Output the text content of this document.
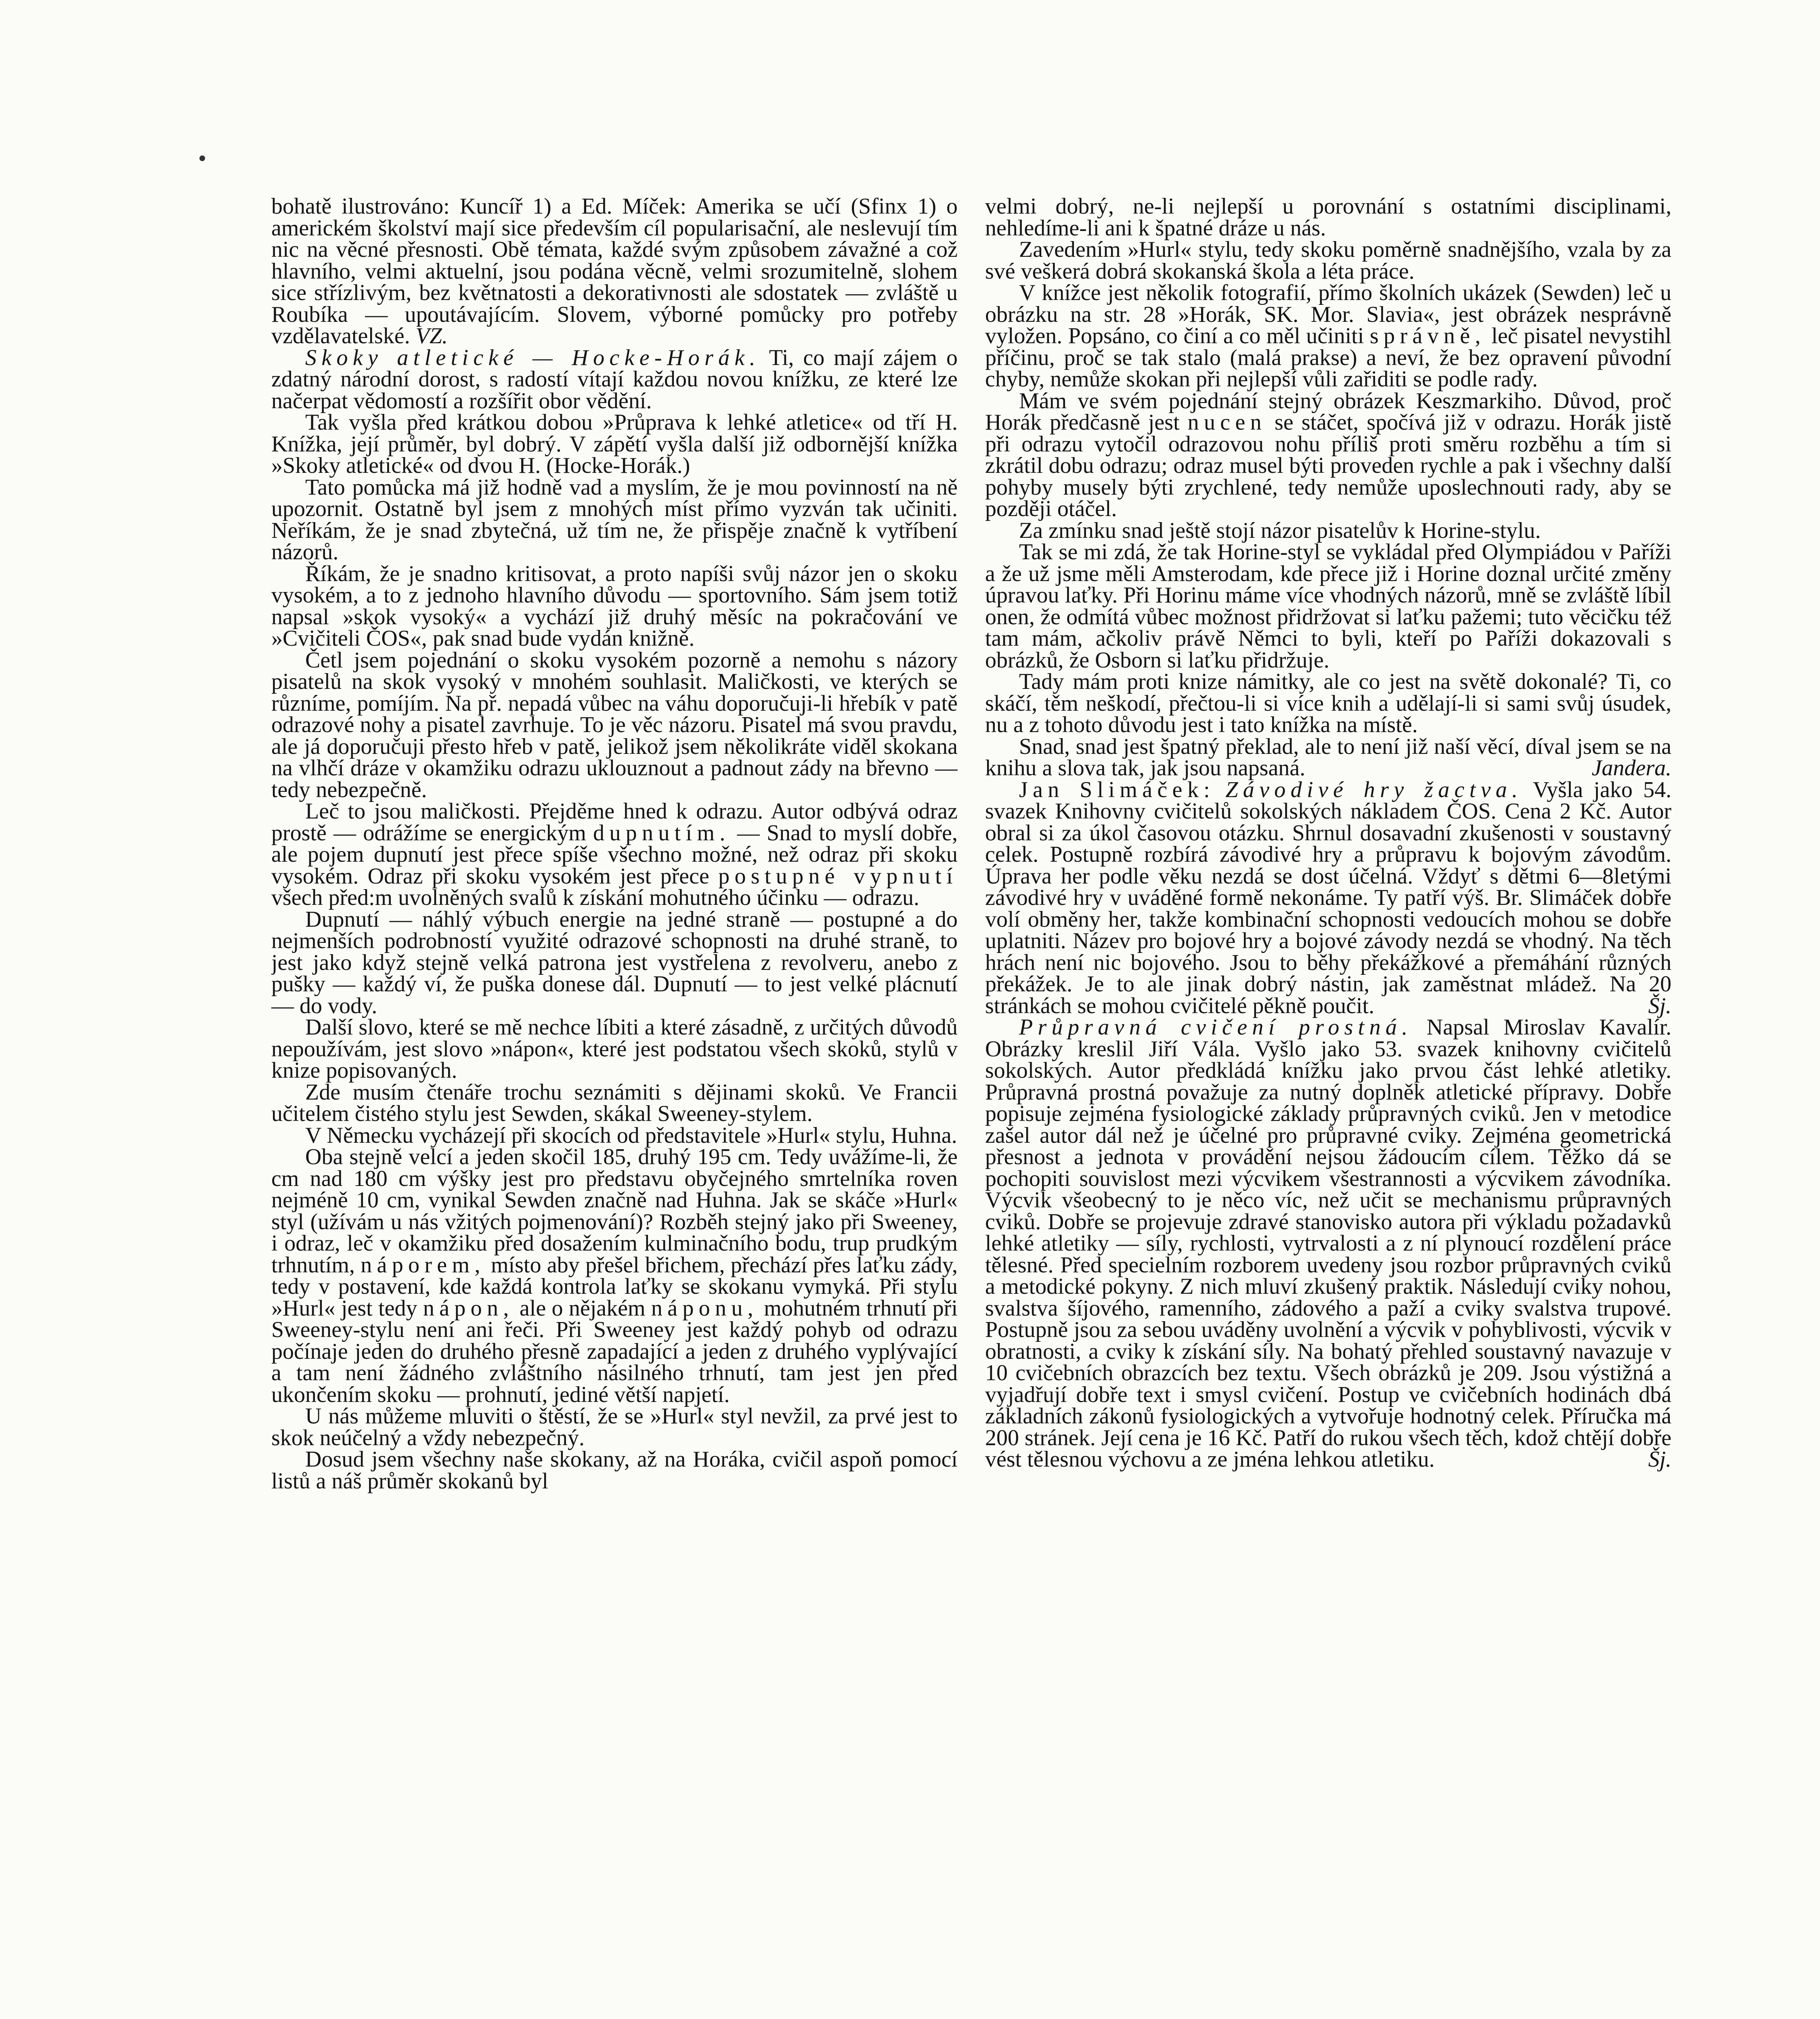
bohatě ilustrováno: Kuncíř 1) a Ed. Míček: Amerika se učí (Sfinx 1) o americkém školství mají sice především cíl popularisační, ale neslevují tím nic na věcné přesnosti. Obě témata, každé svým způsobem závažné a což hlavního, velmi aktuelní, jsou podána věcně, velmi srozumitelně, slohem sice střízlivým, bez květnatosti a dekorativnosti ale sdostatek — zvláště u Roubíka — upoutávajícím. Slovem, výborné pomůcky pro potřeby vzdělavatelské. VZ.

Skoky atletické — Hocke-Horák. Ti, co mají zájem o zdatný národní dorost, s radostí vítají každou novou knížku, ze které lze načerpat vědomostí a rozšířit obor vědění.

Tak vyšla před krátkou dobou »Průprava k lehké atletice« od tří H. Knížka, její průměr, byl dobrý. V zápětí vyšla další již odbornější knížka »Skoky atletické« od dvou H. (Hocke-Horák.)

Tato pomůcka má již hodně vad a myslím, že je mou povinností na ně upozornit. Ostatně byl jsem z mnohých míst přímo vyzván tak učiniti. Neříkám, že je snad zbytečná, už tím ne, že přispěje značně k vytříbení názorů.

Říkám, že je snadno kritisovat, a proto napíši svůj názor jen o skoku vysokém, a to z jednoho hlavního důvodu — sportovního. Sám jsem totiž napsal »skok vysoký« a vychází již druhý měsíc na pokračování ve »Cvičiteli ČOS«, pak snad bude vydán knižně.

Četl jsem pojednání o skoku vysokém pozorně a nemohu s názory pisatelů na skok vysoký v mnohém souhlasit. Maličkosti, ve kterých se různíme, pomíjím. Na př. nepadá vůbec na váhu doporučuji-li hřebík v patě odrazové nohy a pisatel zavrhuje. To je věc názoru. Pisatel má svou pravdu, ale já doporučuji přesto hřeb v patě, jelikož jsem několikráte viděl skokana na vlhčí dráze v okamžiku odrazu uklouznout a padnout zády na břevno — tedy nebezpečně.

Leč to jsou maličkosti. Přejděme hned k odrazu. Autor odbývá odraz prostě — odrážíme se energickým dupnutím. — Snad to myslí dobře, ale pojem dupnutí jest přece spíše všechno možné, než odraz při skoku vysokém. Odraz při skoku vysokém jest přece postupné vypnutí všech před:m uvolněných svalů k získání mohutného účinku — odrazu.

Dupnutí — náhlý výbuch energie na jedné straně — postupné a do nejmenších podrobností využité odrazové schopnosti na druhé straně, to jest jako když stejně velká patrona jest vystřelena z revolveru, anebo z pušky — každý ví, že puška donese dál. Dupnutí — to jest velké plácnutí — do vody.

Další slovo, které se mě nechce líbiti a které zásadně, z určitých důvodů nepoužívám, jest slovo »nápon«, které jest podstatou všech skoků, stylů v knize popisovaných.

Zde musím čtenáře trochu seznámiti s dějinami skoků. Ve Francii učitelem čistého stylu jest Sewden, skákal Sweeney-stylem.

V Německu vycházejí při skocích od představitele »Hurl« stylu, Huhna.

Oba stejně velcí a jeden skočil 185, druhý 195 cm. Tedy uvážíme-li, že cm nad 180 cm výšky jest pro představu obyčejného smrtelníka roven nejméně 10 cm, vynikal Sewden značně nad Huhna. Jak se skáče »Hurl« styl (užívám u nás vžitých pojmenování)? Rozběh stejný jako při Sweeney, i odraz, leč v okamžiku před dosažením kulminačního bodu, trup prudkým trhnutím, náporem, místo aby přešel břichem, přechází přes laťku zády, tedy v postavení, kde každá kontrola laťky se skokanu vymyká. Při stylu »Hurl« jest tedy nápon, ale o nějakém náponu, mohutném trhnutí při Sweeney-stylu není ani řeči. Při Sweeney jest každý pohyb od odrazu počínaje jeden do druhého přesně zapadající a jeden z druhého vyplývající a tam není žádného zvláštního násilného trhnutí, tam jest jen před ukončením skoku — prohnutí, jediné větší napjetí.

U nás můžeme mluviti o štěstí, že se »Hurl« styl nevžil, za prvé jest to skok neúčelný a vždy nebezpečný.

Dosud jsem všechny naše skokany, až na Horáka, cvičil aspoň pomocí listů a náš průměr skokanů byl

velmi dobrý, ne-li nejlepší u porovnání s ostatními disciplinami, nehledíme-li ani k špatné dráze u nás.

Zavedením »Hurl« stylu, tedy skoku poměrně snadnějšího, vzala by za své veškerá dobrá skokanská škola a léta práce.

V knížce jest několik fotografií, přímo školních ukázek (Sewden) leč u obrázku na str. 28 »Horák, SK. Mor. Slavia«, jest obrázek nesprávně vyložen. Popsáno, co činí a co měl učiniti správně, leč pisatel nevystihl příčinu, proč se tak stalo (malá prakse) a neví, že bez opravení původní chyby, nemůže skokan při nejlepší vůli zařiditi se podle rady.

Mám ve svém pojednání stejný obrázek Keszmarkiho. Důvod, proč Horák předčasně jest nucen se stáčet, spočívá již v odrazu. Horák jistě při odrazu vytočil odrazovou nohu příliš proti směru rozběhu a tím si zkrátil dobu odrazu; odraz musel býti proveden rychle a pak i všechny další pohyby musely býti zrychlené, tedy nemůže uposlechnouti rady, aby se později otáčel.

Za zmínku snad ještě stojí názor pisatelův k Horine-stylu.

Tak se mi zdá, že tak Horine-styl se vykládal před Olympiádou v Paříži a že už jsme měli Amsterodam, kde přece již i Horine doznal určité změny úpravou laťky. Při Horinu máme více vhodných názorů, mně se zvláště líbil onen, že odmítá vůbec možnost přidržovat si laťku pažemi; tuto věcičku též tam mám, ačkoliv právě Němci to byli, kteří po Paříži dokazovali s obrázků, že Osborn si laťku přidržuje.

Tady mám proti knize námitky, ale co jest na světě dokonalé? Ti, co skáčí, těm neškodí, přečtou-li si více knih a udělají-li si sami svůj úsudek, nu a z tohoto důvodu jest i tato knížka na místě.

Snad, snad jest špatný překlad, ale to není již naší věcí, díval jsem se na knihu a slova tak, jak jsou napsaná.	Jandera.

Jan Slimáček: Závodivé hry žactva. Vyšla jako 54. svazek Knihovny cvičitelů sokolských nákladem ČOS. Cena 2 Kč. Autor obral si za úkol časovou otázku. Shrnul dosavadní zkušenosti v soustavný celek. Postupně rozbírá závodivé hry a průpravu k bojovým závodům. Úprava her podle věku nezdá se dost účelná. Vždyť s dětmi 6—8letými závodivé hry v uváděné formě nekonáme. Ty patří výš. Br. Slimáček dobře volí obměny her, takže kombinační schopnosti vedoucích mohou se dobře uplatniti. Název pro bojové hry a bojové závody nezdá se vhodný. Na těch hrách není nic bojového. Jsou to běhy překážkové a přemáhání různých překážek. Je to ale jinak dobrý nástin, jak zaměstnat mládež. Na 20 stránkách se mohou cvičitelé pěkně poučit.	Šj.

Průpravná cvičení prostná. Napsal Miroslav Kavalír. Obrázky kreslil Jiří Vála. Vyšlo jako 53. svazek knihovny cvičitelů sokolských. Autor předkládá knížku jako prvou část lehké atletiky. Průpravná prostná považuje za nutný doplněk atletické přípravy. Dobře popisuje zejména fysiologické základy průpravných cviků. Jen v metodice zašel autor dál než je účelné pro průpravné cviky. Zejména geometrická přesnost a jednota v provádění nejsou žádoucím cílem. Těžko dá se pochopiti souvislost mezi výcvikem všestrannosti a výcvikem závodníka. Výcvik všeobecný to je něco víc, než učit se mechanismu průpravných cviků. Dobře se projevuje zdravé stanovisko autora při výkladu požadavků lehké atletiky — síly, rychlosti, vytrvalosti a z ní plynoucí rozdělení práce tělesné. Před specielním rozborem uvedeny jsou rozbor průpravných cviků a metodické pokyny. Z nich mluví zkušený praktik. Následují cviky nohou, svalstva šíjového, ramenního, zádového a paží a cviky svalstva trupové. Postupně jsou za sebou uváděny uvolnění a výcvik v pohyblivosti, výcvik v obratnosti, a cviky k získání síly. Na bohatý přehled soustavný navazuje v 10 cvičebních obrazcích bez textu. Všech obrázků je 209. Jsou výstižná a vyjadřují dobře text i smysl cvičení. Postup ve cvičebních hodinách dbá základních zákonů fysiologických a vytvořuje hodnotný celek. Příručka má 200 stránek. Její cena je 16 Kč. Patří do rukou všech těch, kdož chtějí dobře vést tělesnou výchovu a ze jména lehkou atletiku.	Šj.
